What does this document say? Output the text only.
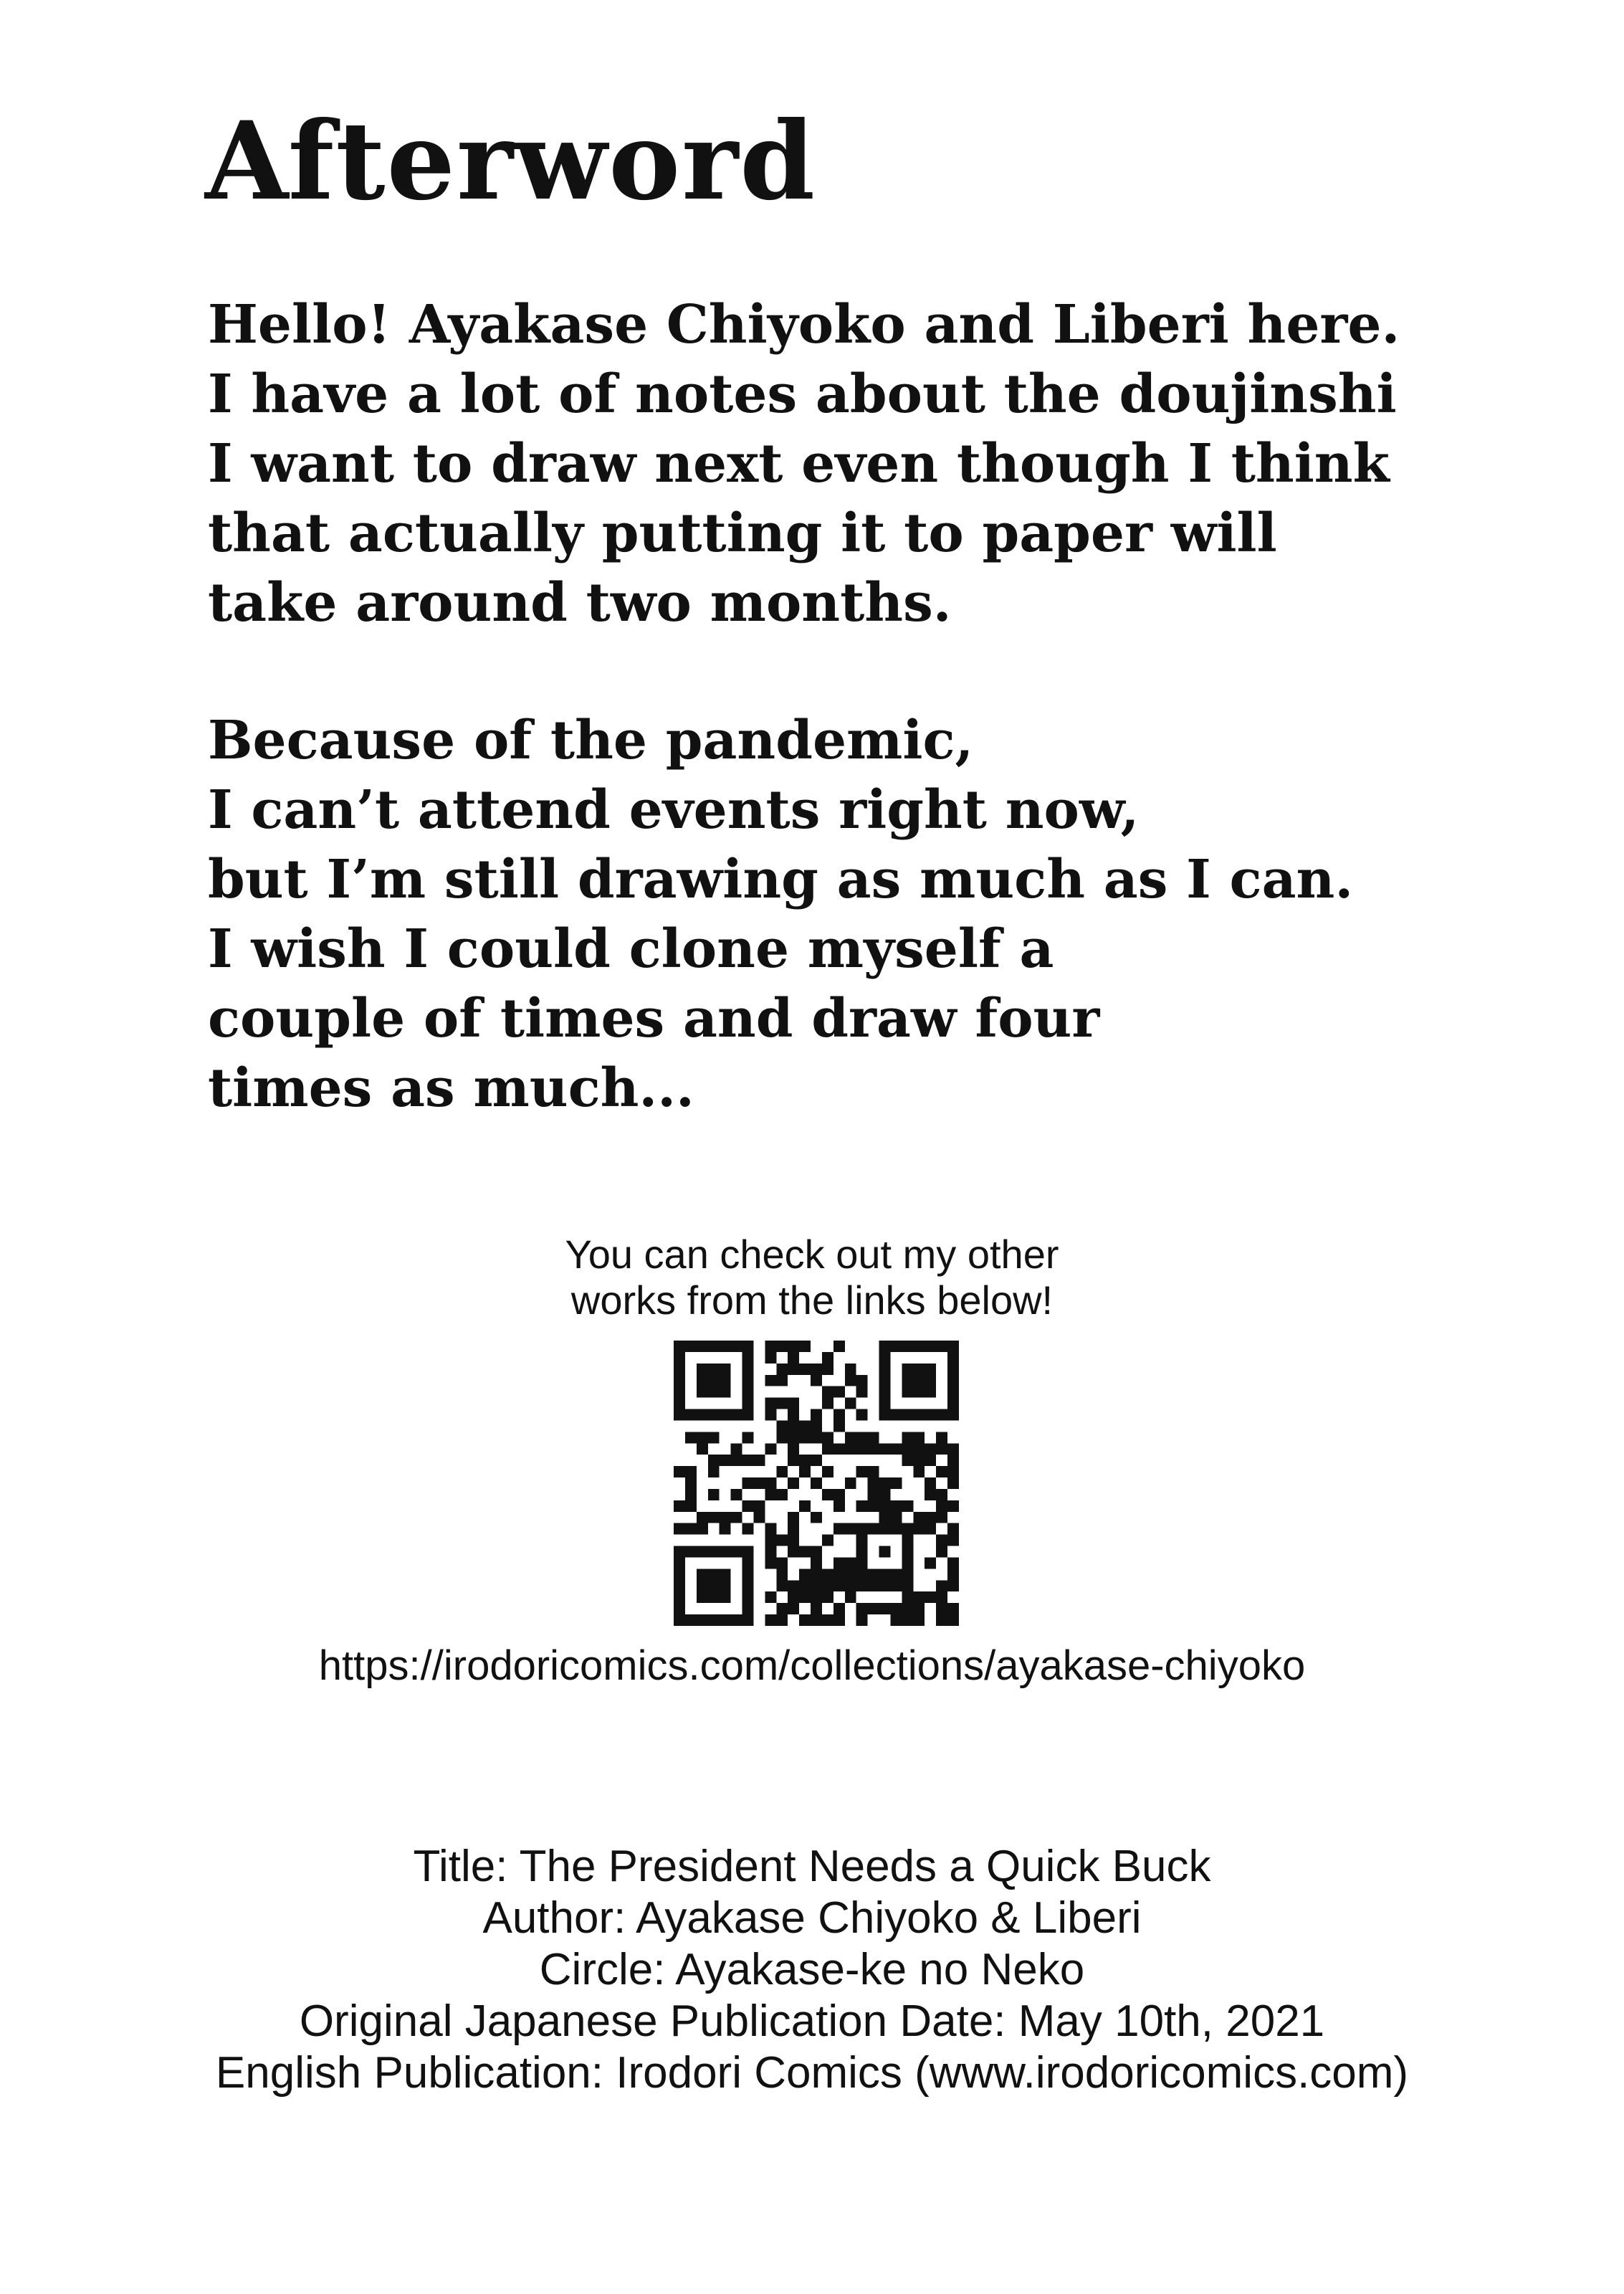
Afterword
Hello! Ayakase Chiyoko and Liberi here.
I have a lot of notes about the doujinshi
I want to draw next even though I think
that actually putting it to paper will
take around two months.
Because of the pandemic,
I can’t attend events right now,
but I’m still drawing as much as I can.
I wish I could clone myself a
couple of times and draw four
times as much...
You can check out my other
works from the links below!
https://irodoricomics.com/collections/ayakase-chiyoko
Title: The President Needs a Quick Buck
Author: Ayakase Chiyoko & Liberi
Circle: Ayakase-ke no Neko
Original Japanese Publication Date: May 10th, 2021
English Publication: Irodori Comics (www.irodoricomics.com)
